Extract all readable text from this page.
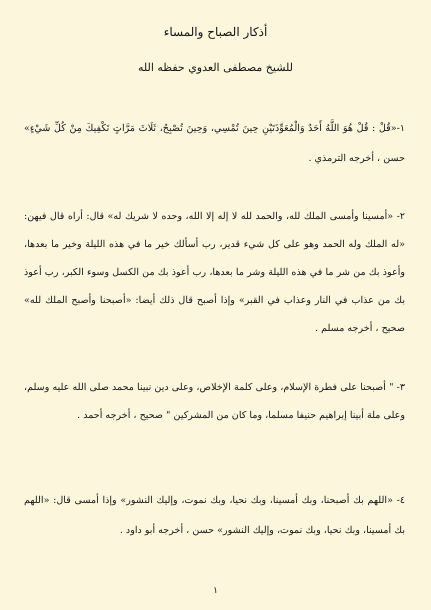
أذكار الصباح والمساء
للشيخ مصطفى العدوي حفظه الله

١-«قُلْ : قُلْ هُوَ اللَّهُ أَحَدٌ وَالْمُعَوِّذَتَيْنِ حِينَ تُمْسِي، وَحِينَ تُصْبِحُ، ثَلَاثَ مَرَّاتٍ تَكْفِيكَ مِنْ كُلِّ شَيْءٍ» حسن ، أخرجه الترمذي .

٢- «أمسينا وأمسى الملك لله، والحمد لله لا إله إلا الله، وحده لا شريك له» قال: أراه قال فيهن: «له الملك وله الحمد وهو على كل شيء قدير، رب أسألك خير ما في هذه الليلة وخير ما بعدها، وأعوذ بك من شر ما في هذه الليلة وشر ما بعدها، رب أعوذ بك من الكسل وسوء الكبر، رب أعوذ بك من عذاب في النار وعذاب في القبر» وإذا أصبح قال ذلك أيضا: «أصبحنا وأصبح الملك لله» صحيح ، أخرجه مسلم .

٣- " أصبحنا على فطرة الإسلام، وعلى كلمة الإخلاص، وعلى دين نبينا محمد صلى الله عليه وسلم، وعلى ملة أبينا إبراهيم حنيفا مسلما، وما كان من المشركين " صحيح ، أخرجه أحمد .

٤- «اللهم بك أصبحنا، وبك أمسينا، وبك نحيا، وبك نموت، وإليك النشور» وإذا أمسى قال: «اللهم بك أمسينا، وبك نحيا، وبك نموت، وإليك النشور» حسن ، أخرجه أبو داود .

١
